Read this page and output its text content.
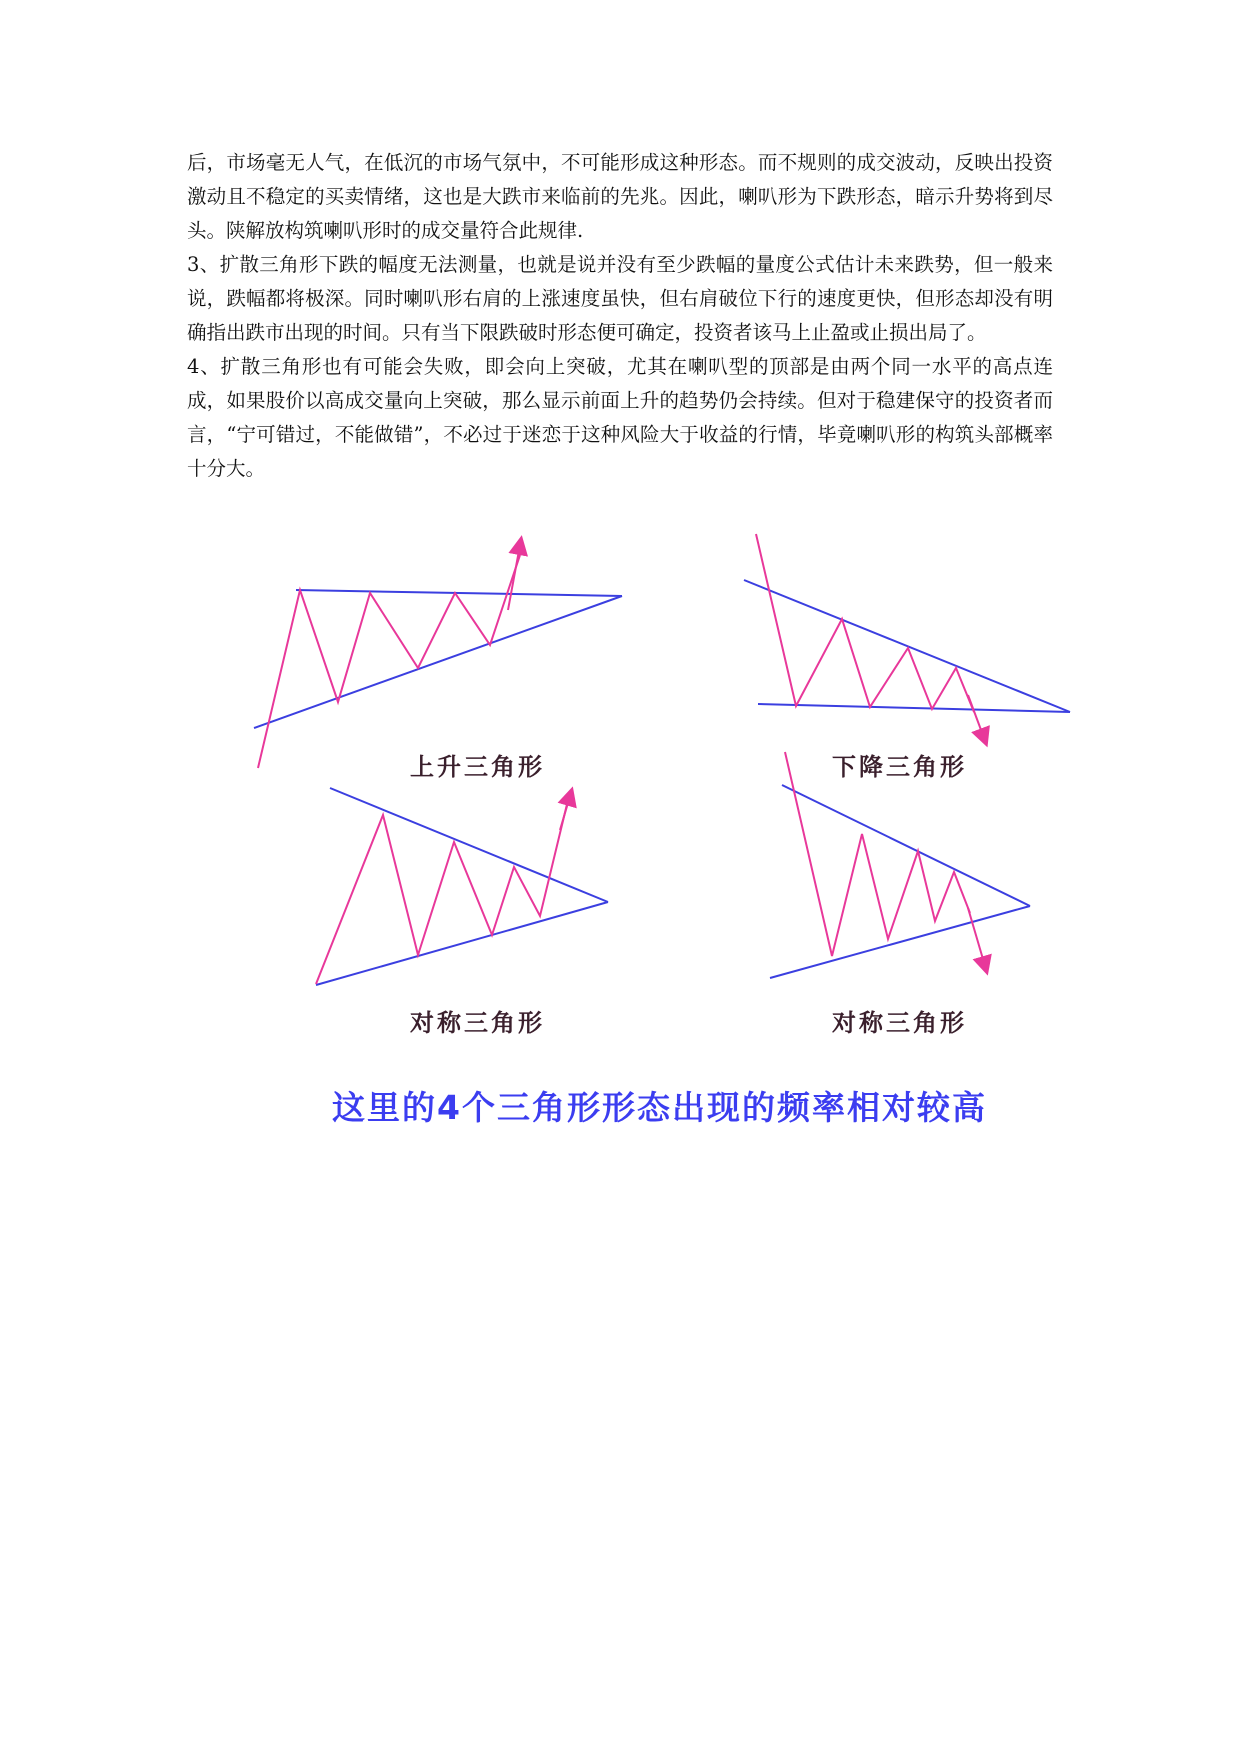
后，市场毫无人气，在低沉的市场气氛中，不可能形成这种形态。而不规则的成交波动，反映出投资激动且不稳定的买卖情绪，这也是大跌市来临前的先兆。因此，喇叭形为下跌形态，暗示升势将到尽头。陕解放构筑喇叭形时的成交量符合此规律.

3、扩散三角形下跌的幅度无法测量，也就是说并没有至少跌幅的量度公式估计未来跌势，但一般来说，跌幅都将极深。同时喇叭形右肩的上涨速度虽快，但右肩破位下行的速度更快，但形态却没有明确指出跌市出现的时间。只有当下限跌破时形态便可确定，投资者该马上止盈或止损出局了。

4、扩散三角形也有可能会失败，即会向上突破，尤其在喇叭型的顶部是由两个同一水平的高点连成，如果股价以高成交量向上突破，那么显示前面上升的趋势仍会持续。但对于稳建保守的投资者而言，“宁可错过，不能做错”，不必过于迷恋于这种风险大于收益的行情，毕竟喇叭形的构筑头部概率十分大。

上升三角形	下降三角形
对称三角形	对称三角形
这里的4个三角形形态出现的频率相对较高
